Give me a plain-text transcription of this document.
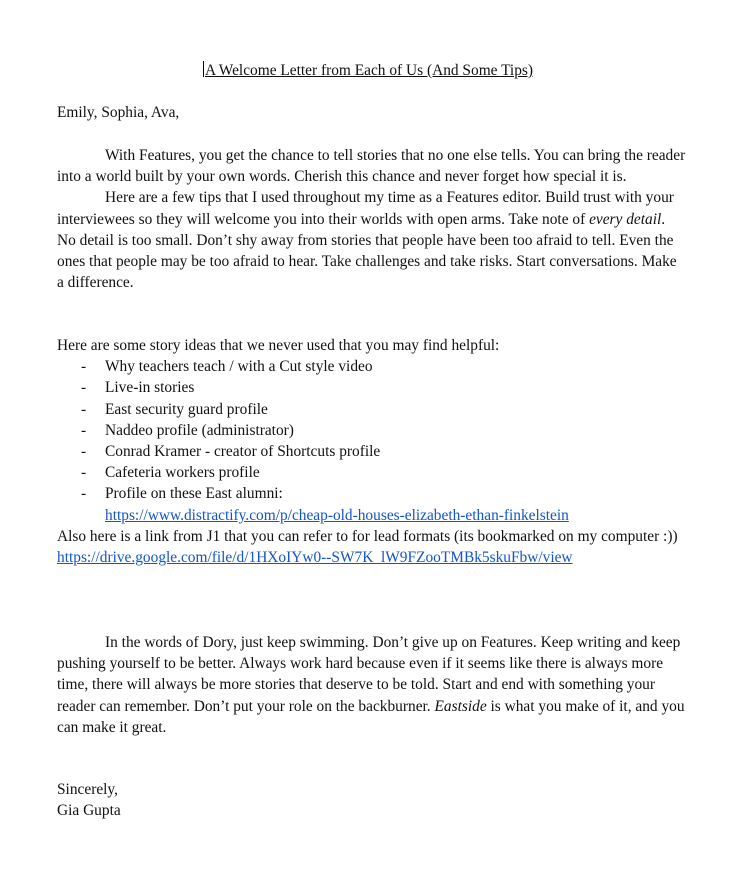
A Welcome Letter from Each of Us (And Some Tips)

Emily, Sophia, Ava,

With Features, you get the chance to tell stories that no one else tells. You can bring the reader into a world built by your own words. Cherish this chance and never forget how special it is.

Here are a few tips that I used throughout my time as a Features editor. Build trust with your interviewees so they will welcome you into their worlds with open arms. Take note of every detail. No detail is too small. Don’t shy away from stories that people have been too afraid to tell. Even the ones that people may be too afraid to hear. Take challenges and take risks. Start conversations. Make a difference.

Here are some story ideas that we never used that you may find helpful:

- Why teachers teach / with a Cut style video
- Live-in stories
- East security guard profile
- Naddeo profile (administrator)
- Conrad Kramer - creator of Shortcuts profile
- Cafeteria workers profile
- Profile on these East alumni:
https://www.distractify.com/p/cheap-old-houses-elizabeth-ethan-finkelstein

Also here is a link from J1 that you can refer to for lead formats (its bookmarked on my computer :))

https://drive.google.com/file/d/1HXoIYw0--SW7K_lW9FZooTMBk5skuFbw/view

In the words of Dory, just keep swimming. Don’t give up on Features. Keep writing and keep pushing yourself to be better. Always work hard because even if it seems like there is always more time, there will always be more stories that deserve to be told. Start and end with something your reader can remember. Don’t put your role on the backburner. Eastside is what you make of it, and you can make it great.

Sincerely,
Gia Gupta
